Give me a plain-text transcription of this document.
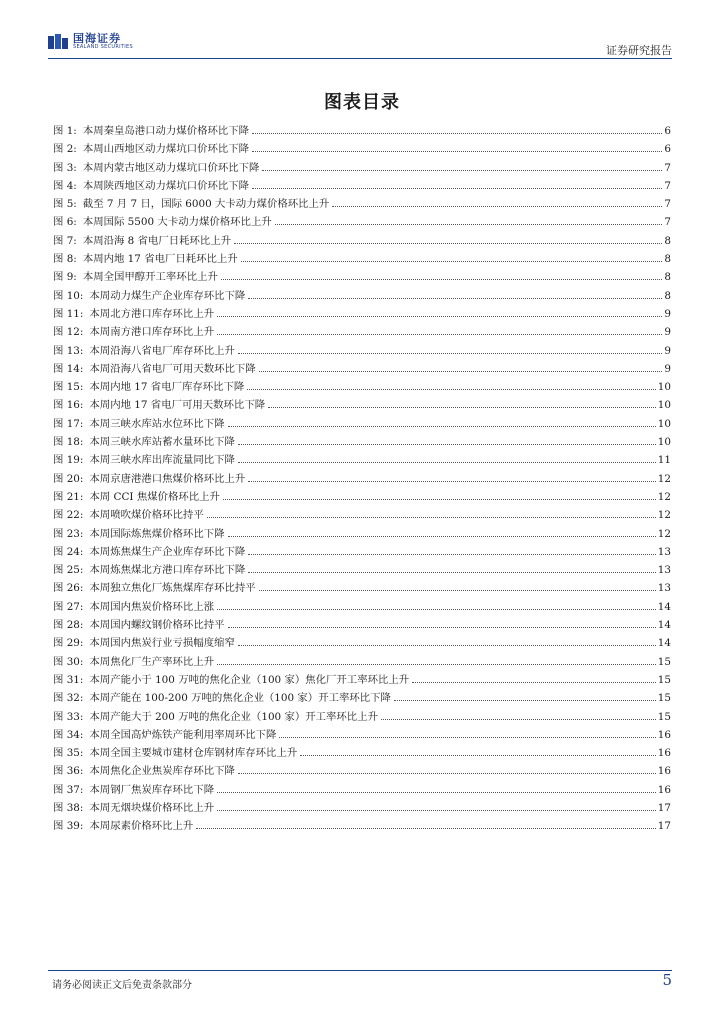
国海证券
SEALAND SECURITIES	证券研究报告
图表目录
图 1: 本周秦皇岛港口动力煤价格环比下降	6
图 2: 本周山西地区动力煤坑口价环比下降	6
图 3: 本周内蒙古地区动力煤坑口价环比下降	7
图 4: 本周陕西地区动力煤坑口价环比下降	7
图 5: 截至 7 月 7 日，国际 6000 大卡动力煤价格环比上升	7
图 6: 本周国际 5500 大卡动力煤价格环比上升	7
图 7: 本周沿海 8 省电厂日耗环比上升	8
图 8: 本周内地 17 省电厂日耗环比上升	8
图 9: 本周全国甲醇开工率环比上升	8
图 10: 本周动力煤生产企业库存环比下降	8
图 11: 本周北方港口库存环比上升	9
图 12: 本周南方港口库存环比上升	9
图 13: 本周沿海八省电厂库存环比上升	9
图 14: 本周沿海八省电厂可用天数环比下降	9
图 15: 本周内地 17 省电厂库存环比下降	10
图 16: 本周内地 17 省电厂可用天数环比下降	10
图 17: 本周三峡水库站水位环比下降	10
图 18: 本周三峡水库站蓄水量环比下降	10
图 19: 本周三峡水库出库流量同比下降	11
图 20: 本周京唐港港口焦煤价格环比上升	12
图 21: 本周 CCI 焦煤价格环比上升	12
图 22: 本周喷吹煤价格环比持平	12
图 23: 本周国际炼焦煤价格环比下降	12
图 24: 本周炼焦煤生产企业库存环比下降	13
图 25: 本周炼焦煤北方港口库存环比下降	13
图 26: 本周独立焦化厂炼焦煤库存环比持平	13
图 27: 本周国内焦炭价格环比上涨	14
图 28: 本周国内螺纹钢价格环比持平	14
图 29: 本周国内焦炭行业亏损幅度缩窄	14
图 30: 本周焦化厂生产率环比上升	15
图 31: 本周产能小于 100 万吨的焦化企业（100 家）焦化厂开工率环比上升	15
图 32: 本周产能在 100-200 万吨的焦化企业（100 家）开工率环比下降	15
图 33: 本周产能大于 200 万吨的焦化企业（100 家）开工率环比上升	15
图 34: 本周全国高炉炼铁产能利用率周环比下降	16
图 35: 本周全国主要城市建材仓库钢材库存环比上升	16
图 36: 本周焦化企业焦炭库存环比下降	16
图 37: 本周钢厂焦炭库存环比下降	16
图 38: 本周无烟块煤价格环比上升	17
图 39: 本周尿素价格环比上升	17
请务必阅读正文后免责条款部分	5
